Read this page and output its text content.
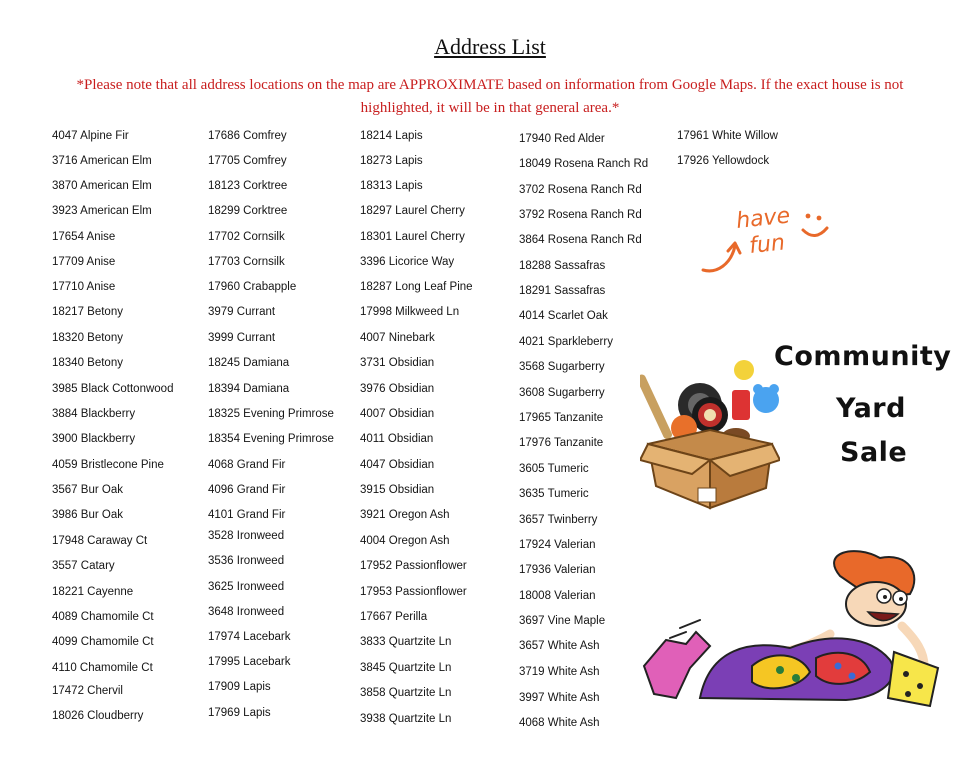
Address List
*Please note that all address locations on the map are APPROXIMATE based on information from Google Maps. If the exact house is not highlighted, it will be in that general area.*
4047 Alpine Fir
3716 American Elm
3870 American Elm
3923 American Elm
17654 Anise
17709 Anise
17710 Anise
18217 Betony
18320 Betony
18340 Betony
3985 Black Cottonwood
3884 Blackberry
3900 Blackberry
4059 Bristlecone Pine
3567 Bur Oak
3986 Bur Oak
17948 Caraway Ct
3557 Catary
18221 Cayenne
4089 Chamomile Ct
4099 Chamomile Ct
4110 Chamomile Ct
17472 Chervil
18026 Cloudberry
17686 Comfrey
17705 Comfrey
18123 Corktree
18299 Corktree
17702 Cornsilk
17703 Cornsilk
17960 Crabapple
3979 Currant
3999 Currant
18245 Damiana
18394 Damiana
18325 Evening Primrose
18354 Evening Primrose
4068 Grand Fir
4096 Grand Fir
4101 Grand Fir
3528 Ironweed
3536 Ironweed
3625 Ironweed
3648 Ironweed
17974 Lacebark
17995 Lacebark
17909 Lapis
17969 Lapis
18214 Lapis
18273 Lapis
18313 Lapis
18297 Laurel Cherry
18301 Laurel Cherry
3396 Licorice Way
18287 Long Leaf Pine
17998 Milkweed Ln
4007 Ninebark
3731 Obsidian
3976 Obsidian
4007 Obsidian
4011 Obsidian
4047 Obsidian
3915 Obsidian
3921 Oregon Ash
4004 Oregon Ash
17952 Passionflower
17953 Passionflower
17667 Perilla
3833 Quartzite Ln
3845 Quartzite Ln
3858 Quartzite Ln
3938 Quartzite Ln
17940 Red Alder
18049 Rosena Ranch Rd
3702 Rosena Ranch Rd
3792 Rosena Ranch Rd
3864 Rosena Ranch Rd
18288 Sassafras
18291 Sassafras
4014 Scarlet Oak
4021 Sparkleberry
3568 Sugarberry
3608 Sugarberry
17965 Tanzanite
17976 Tanzanite
3605 Tumeric
3635 Tumeric
3657 Twinberry
17924 Valerian
17936 Valerian
18008 Valerian
3697 Vine Maple
3657 White Ash
3719 White Ash
3997 White Ash
4068 White Ash
17961 White Willow
17926 Yellowdock
have
fun
Community
Yard
Sale
